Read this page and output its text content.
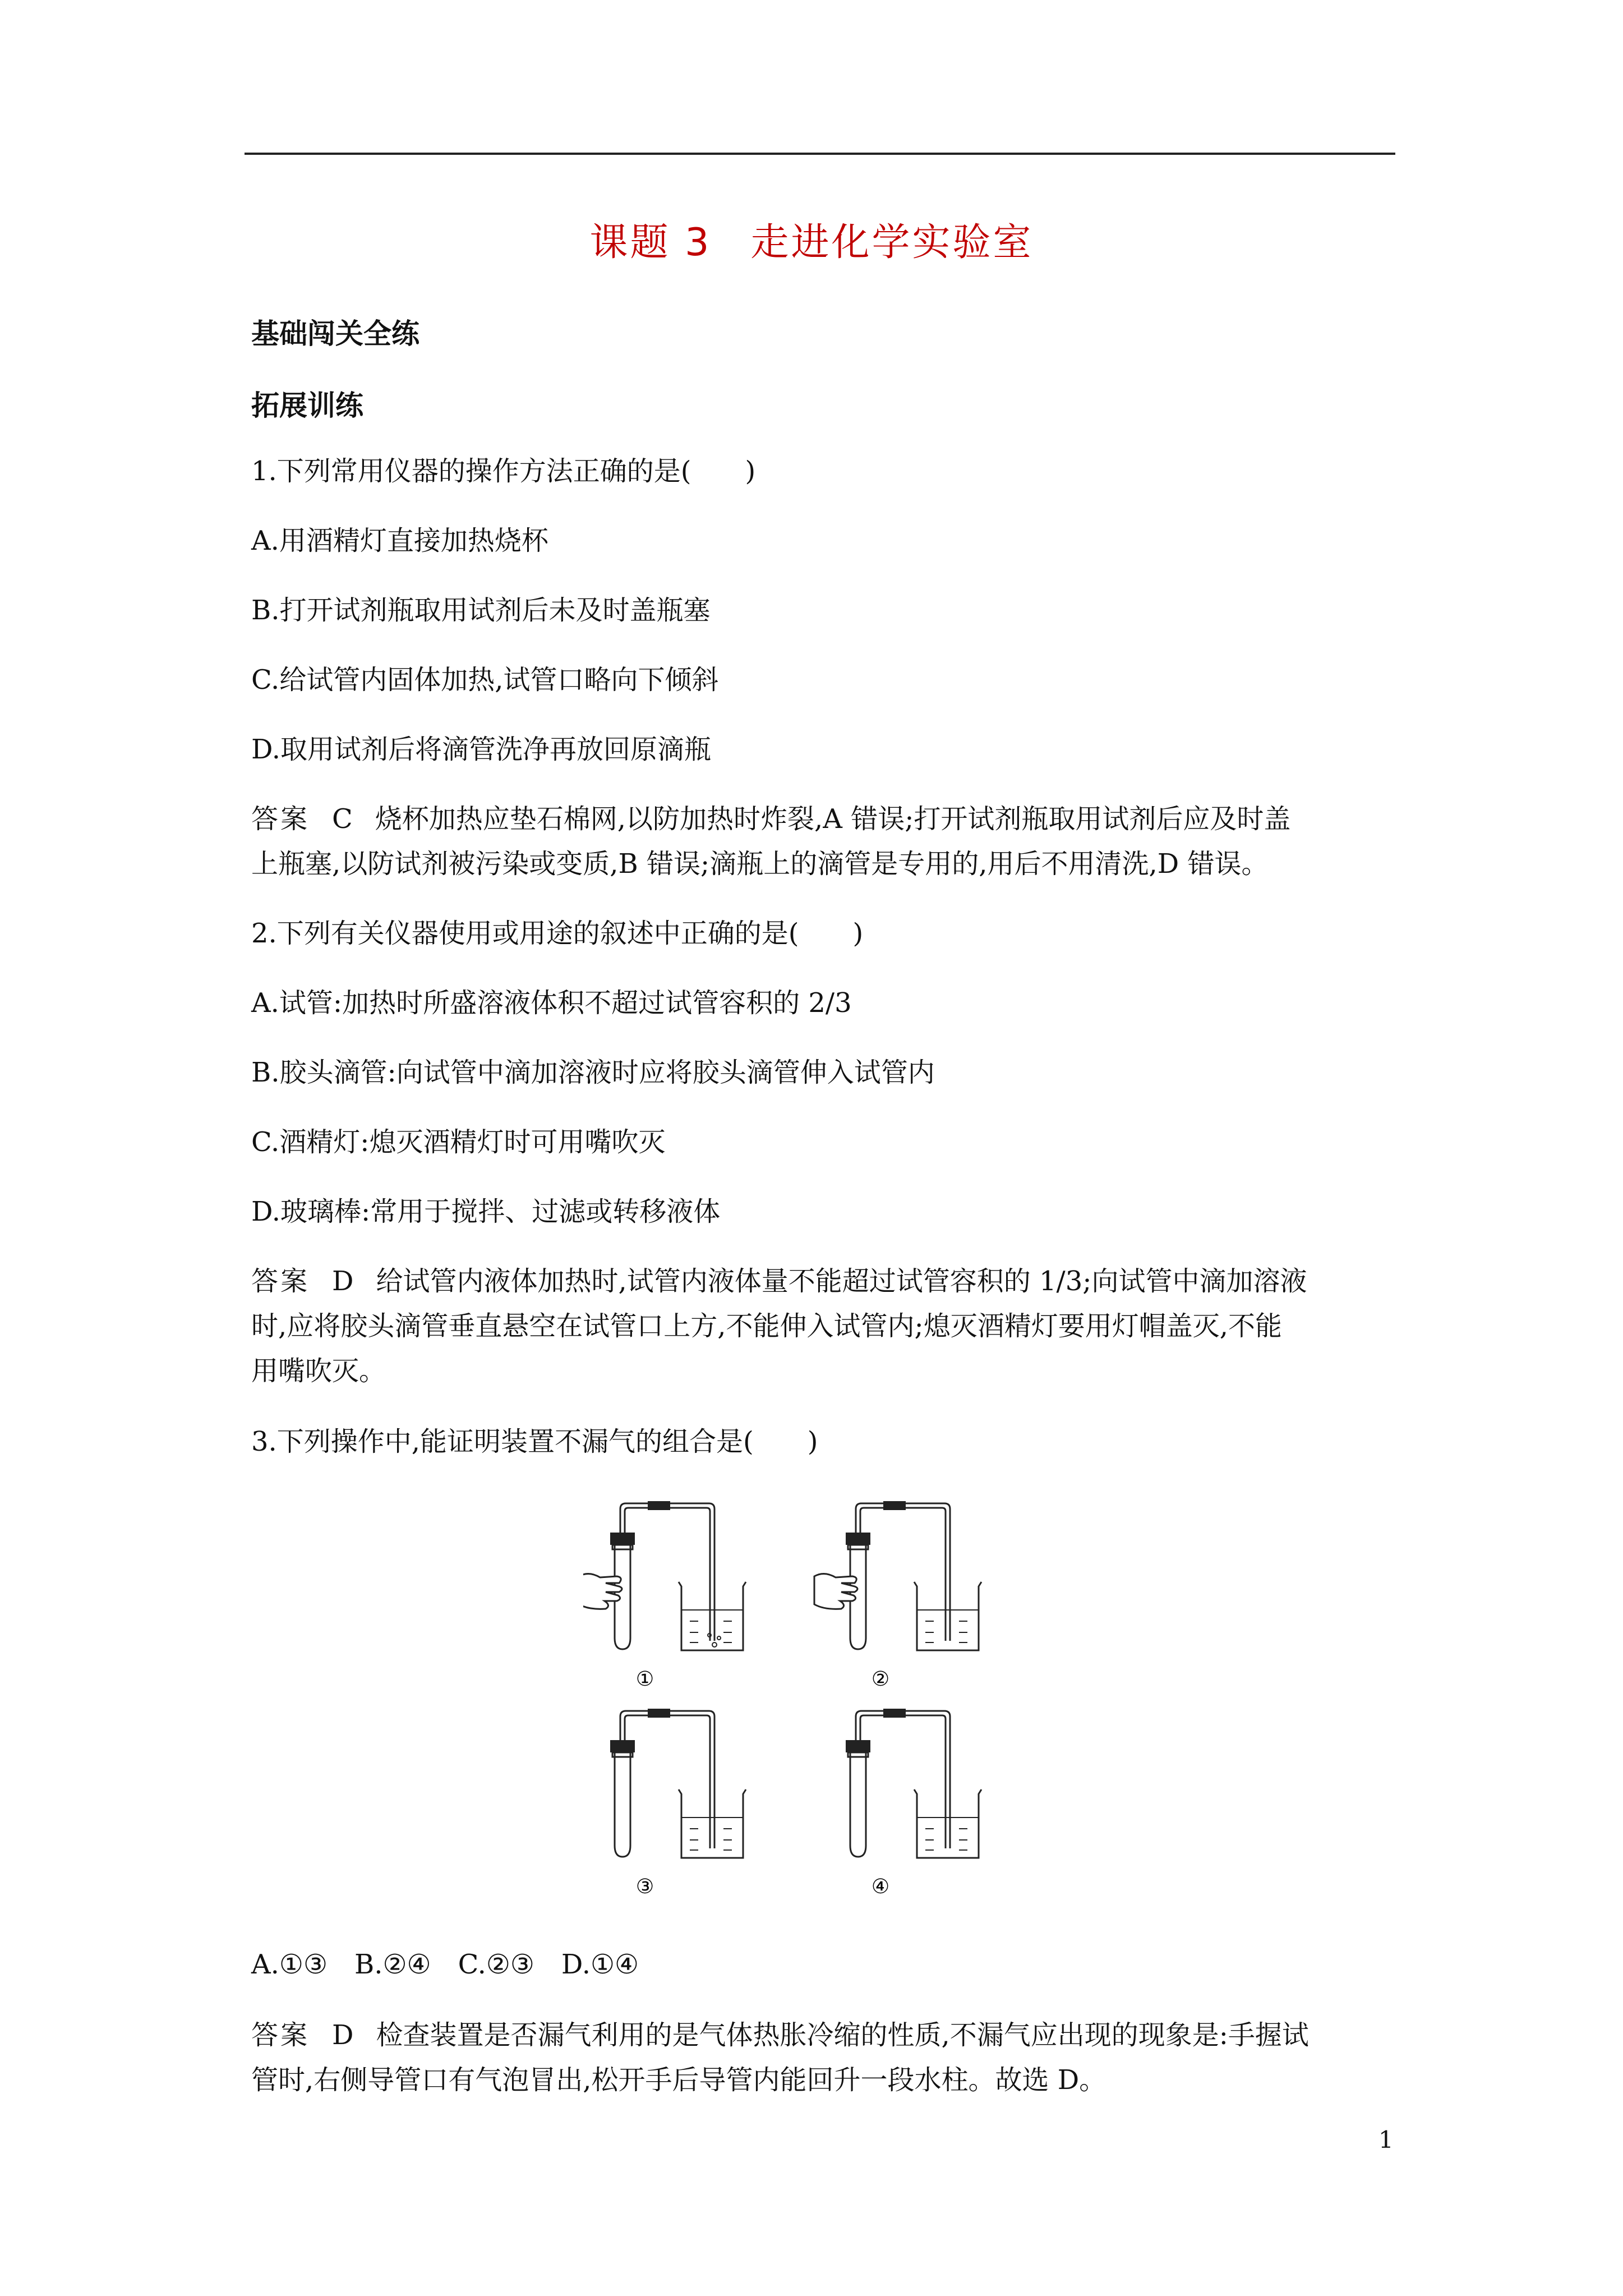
课题 3 走进化学实验室
基础闯关全练
拓展训练
1.下列常用仪器的操作方法正确的是(　　)
A.用酒精灯直接加热烧杯
B.打开试剂瓶取用试剂后未及时盖瓶塞
C.给试管内固体加热,试管口略向下倾斜
D.取用试剂后将滴管洗净再放回原滴瓶
答案 C 烧杯加热应垫石棉网,以防加热时炸裂,A 错误;打开试剂瓶取用试剂后应及时盖
上瓶塞,以防试剂被污染或变质,B 错误;滴瓶上的滴管是专用的,用后不用清洗,D 错误。
2.下列有关仪器使用或用途的叙述中正确的是(　　)
A.试管:加热时所盛溶液体积不超过试管容积的 2/3
B.胶头滴管:向试管中滴加溶液时应将胶头滴管伸入试管内
C.酒精灯:熄灭酒精灯时可用嘴吹灭
D.玻璃棒:常用于搅拌、过滤或转移液体
答案 D 给试管内液体加热时,试管内液体量不能超过试管容积的 1/3;向试管中滴加溶液
时,应将胶头滴管垂直悬空在试管口上方,不能伸入试管内;熄灭酒精灯要用灯帽盖灭,不能
用嘴吹灭。
3.下列操作中,能证明装置不漏气的组合是(　　)
①	②
③	④
A.①③　B.②④　C.②③　D.①④
答案 D 检查装置是否漏气利用的是气体热胀冷缩的性质,不漏气应出现的现象是:手握试
管时,右侧导管口有气泡冒出,松开手后导管内能回升一段水柱。故选 D。
1
